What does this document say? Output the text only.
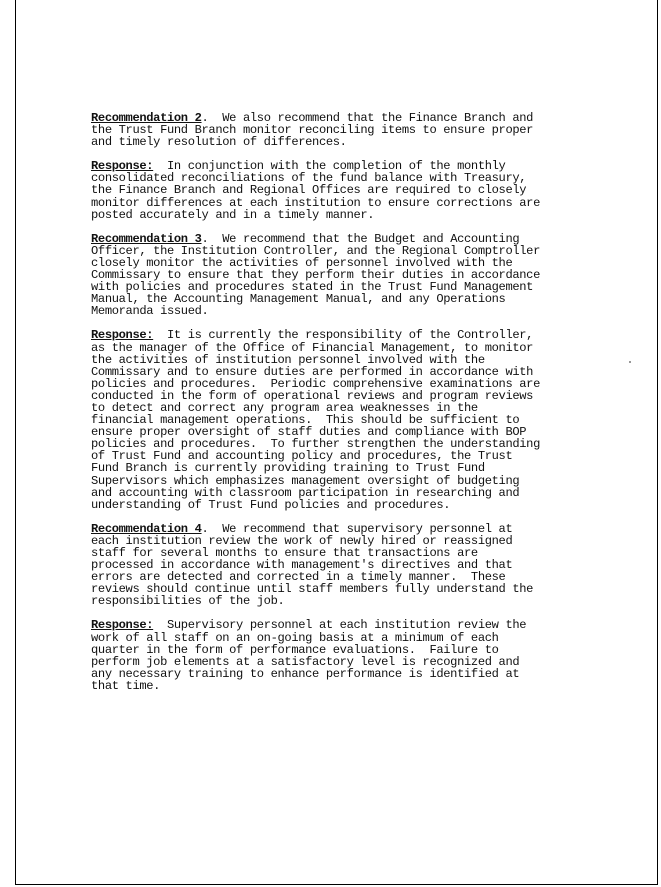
Recommendation 2.  We also recommend that the Finance Branch and
the Trust Fund Branch monitor reconciling items to ensure proper
and timely resolution of differences.

Response:  In conjunction with the completion of the monthly
consolidated reconciliations of the fund balance with Treasury,
the Finance Branch and Regional Offices are required to closely
monitor differences at each institution to ensure corrections are
posted accurately and in a timely manner.

Recommendation 3.  We recommend that the Budget and Accounting
Officer, the Institution Controller, and the Regional Comptroller
closely monitor the activities of personnel involved with the
Commissary to ensure that they perform their duties in accordance
with policies and procedures stated in the Trust Fund Management
Manual, the Accounting Management Manual, and any Operations
Memoranda issued.

Response:  It is currently the responsibility of the Controller,
as the manager of the Office of Financial Management, to monitor
the activities of institution personnel involved with the
Commissary and to ensure duties are performed in accordance with
policies and procedures.  Periodic comprehensive examinations are
conducted in the form of operational reviews and program reviews
to detect and correct any program area weaknesses in the
financial management operations.  This should be sufficient to
ensure proper oversight of staff duties and compliance with BOP
policies and procedures.  To further strengthen the understanding
of Trust Fund and accounting policy and procedures, the Trust
Fund Branch is currently providing training to Trust Fund
Supervisors which emphasizes management oversight of budgeting
and accounting with classroom participation in researching and
understanding of Trust Fund policies and procedures.

Recommendation 4.  We recommend that supervisory personnel at
each institution review the work of newly hired or reassigned
staff for several months to ensure that transactions are
processed in accordance with management's directives and that
errors are detected and corrected in a timely manner.  These
reviews should continue until staff members fully understand the
responsibilities of the job.

Response:  Supervisory personnel at each institution review the
work of all staff on an on-going basis at a minimum of each
quarter in the form of performance evaluations.  Failure to
perform job elements at a satisfactory level is recognized and
any necessary training to enhance performance is identified at
that time.
